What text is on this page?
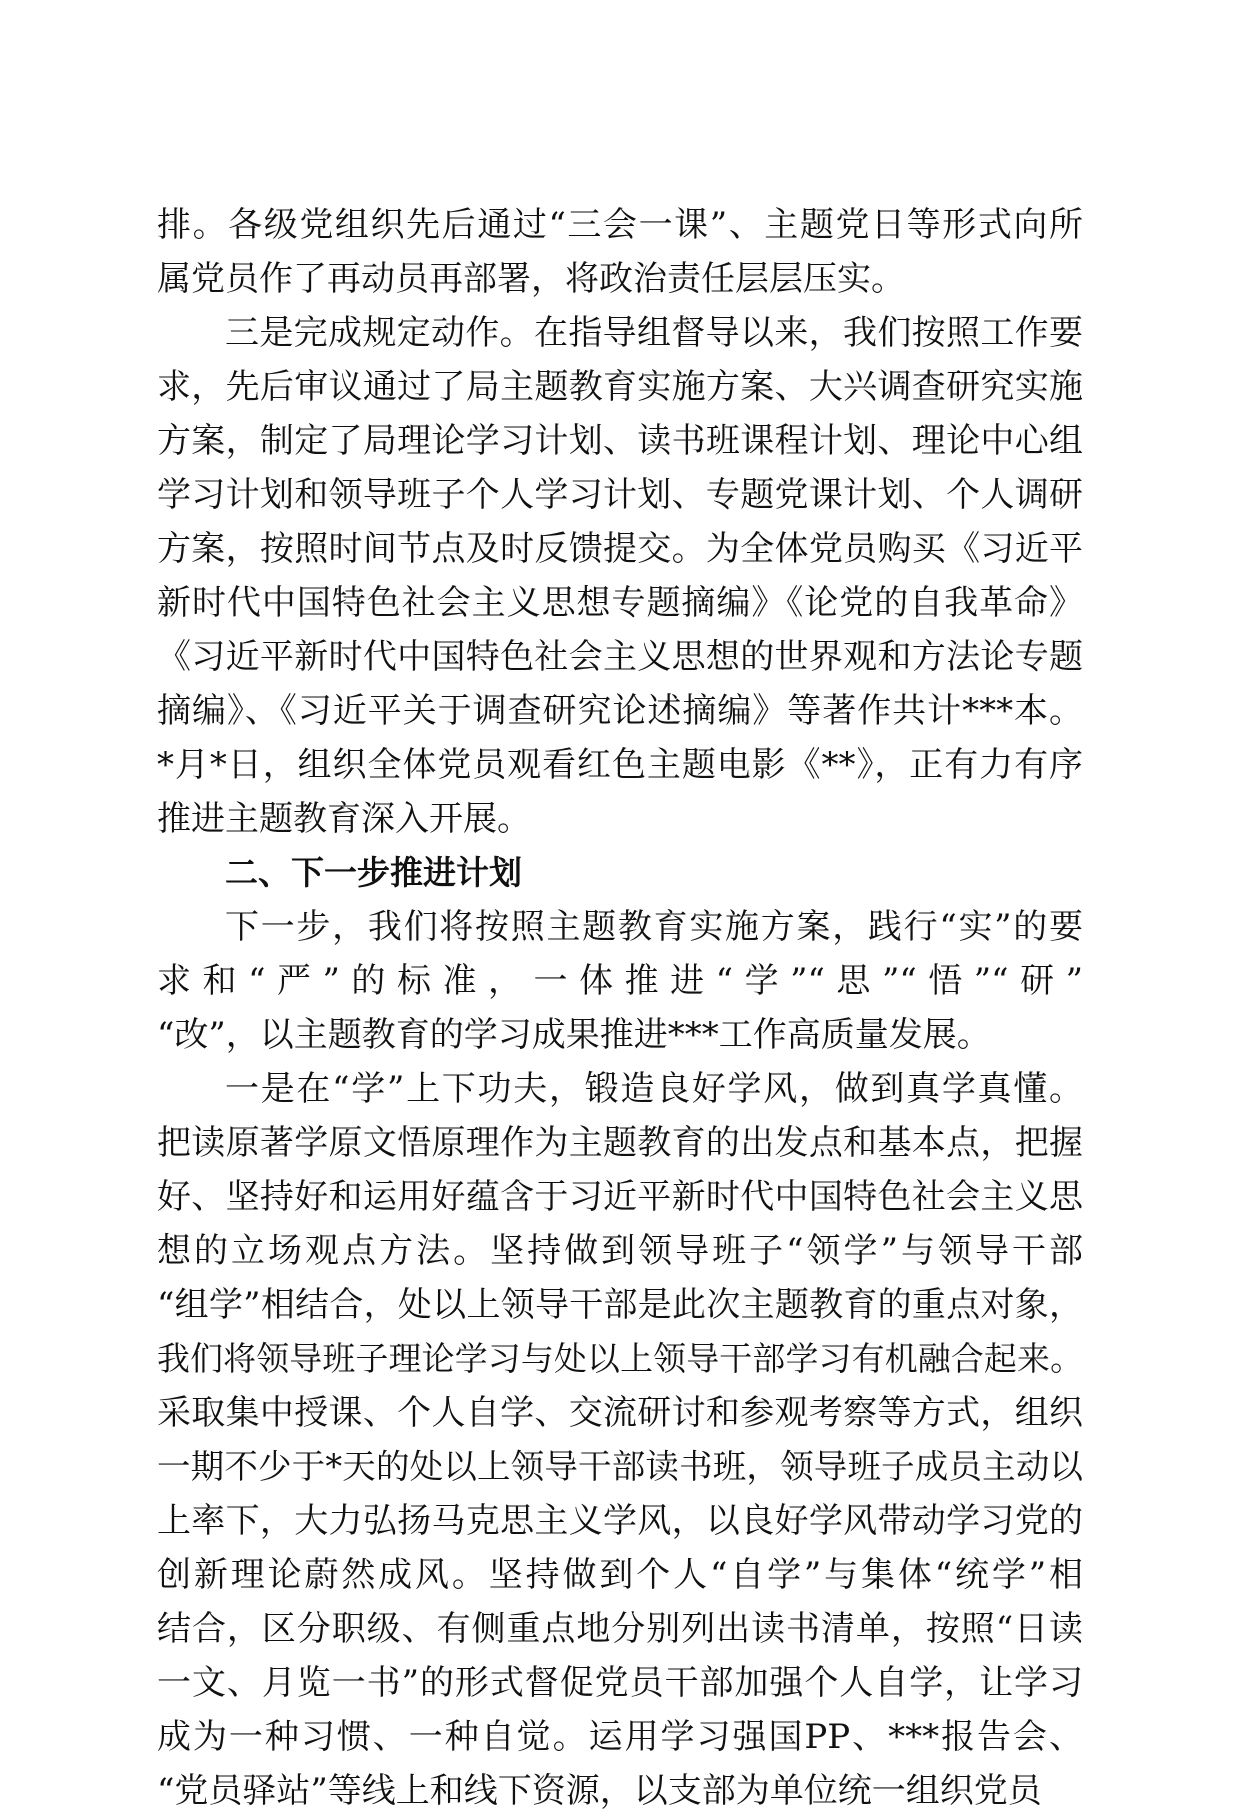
排。各级党组织先后通过“三会一课”、主题党日等形式向所
属党员作了再动员再部署，将政治责任层层压实。
三是完成规定动作。在指导组督导以来，我们按照工作要
求，先后审议通过了局主题教育实施方案、大兴调查研究实施
方案，制定了局理论学习计划、读书班课程计划、理论中心组
学习计划和领导班子个人学习计划、专题党课计划、个人调研
方案，按照时间节点及时反馈提交。为全体党员购买《习近平
新时代中国特色社会主义思想专题摘编》《论党的自我革命》
《习近平新时代中国特色社会主义思想的世界观和方法论专题
摘编》、《习近平关于调查研究论述摘编》等著作共计***本。
*月*日，组织全体党员观看红色主题电影《**》，正有力有序
推进主题教育深入开展。
二、下一步推进计划
下一步，我们将按照主题教育实施方案，践行“实”的要
求和“严”的标准，一体推进“学”“思”“悟”“研”
“改”，以主题教育的学习成果推进***工作高质量发展。
一是在“学”上下功夫，锻造良好学风，做到真学真懂。
把读原著学原文悟原理作为主题教育的出发点和基本点，把握
好、坚持好和运用好蕴含于习近平新时代中国特色社会主义思
想的立场观点方法。坚持做到领导班子“领学”与领导干部
“组学”相结合，处以上领导干部是此次主题教育的重点对象，
我们将领导班子理论学习与处以上领导干部学习有机融合起来。
采取集中授课、个人自学、交流研讨和参观考察等方式，组织
一期不少于*天的处以上领导干部读书班，领导班子成员主动以
上率下，大力弘扬马克思主义学风，以良好学风带动学习党的
创新理论蔚然成风。坚持做到个人“自学”与集体“统学”相
结合，区分职级、有侧重点地分别列出读书清单，按照“日读
一文、月览一书”的形式督促党员干部加强个人自学，让学习
成为一种习惯、一种自觉。运用学习强国PP、***报告会、
“党员驿站”等线上和线下资源，以支部为单位统一组织党员
